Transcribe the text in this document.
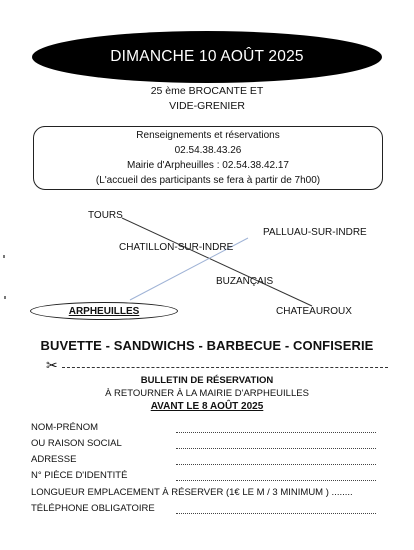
DIMANCHE 10 AOÛT 2025
25 ème BROCANTE ET
VIDE-GRENIER
Renseignements et réservations
02.54.38.43.26
Mairie d'Arpheuilles : 02.54.38.42.17
(L'accueil des participants se fera à partir de 7h00)
TOURS
CHATILLON-SUR-INDRE
PALLUAU-SUR-INDRE
BUZANÇAIS
CHATEAUROUX
ARPHEUILLES
BUVETTE - SANDWICHS - BARBECUE - CONFISERIE
✂
BULLETIN DE RÉSERVATION
À RETOURNER À LA MAIRIE D'ARPHEUILLES
AVANT LE 8 AOÛT 2025
NOM-PRÉNOM
OU RAISON SOCIAL
ADRESSE
N° PIÈCE D'IDENTITÉ
LONGUEUR EMPLACEMENT À RÉSERVER (1€ LE M / 3 MINIMUM ) ........
TÉLÉPHONE OBLIGATOIRE
